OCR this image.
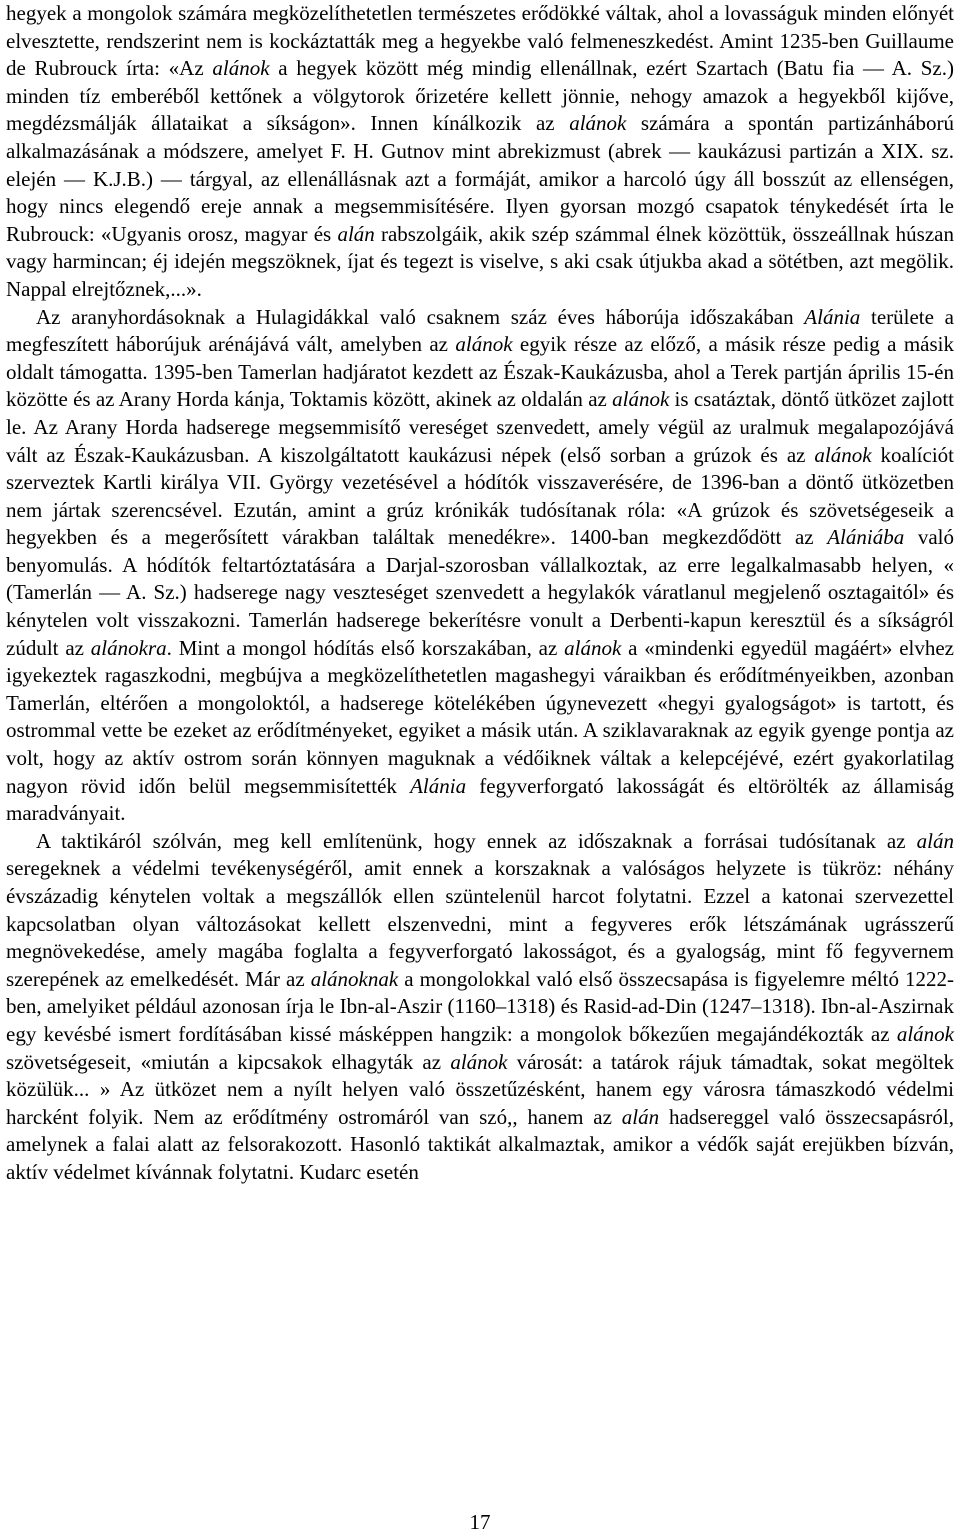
hegyek a mongolok számára megközelíthetetlen természetes erődökké váltak, ahol a lovasságuk minden előnyét elvesztette, rendszerint nem is kockáztatták meg a hegyekbe való felmeneszkedést. Amint 1235-ben Guillaume de Rubrouck írta: «Az alánok a hegyek között még mindig ellenállnak, ezért Szartach (Batu fia ― A. Sz.) minden tíz emberéből kettőnek a völgytorok őrizetére kellett jönnie, nehogy amazok a hegyekből kijőve, megdézsmálják állataikat a síkságon». Innen kínálkozik az alánok számára a spontán partizánháború alkalmazásának a módszere, amelyet F. H. Gutnov mint abrekizmust (abrek ― kaukázusi partizán a XIX. sz. elején ― K.J.B.) ― tárgyal, az ellenállásnak azt a formáját, amikor a harcoló úgy áll bosszút az ellenségen, hogy nincs elegendő ereje annak a megsemmisítésére. Ilyen gyorsan mozgó csapatok ténykedését írta le Rubrouck: «Ugyanis orosz, magyar és alán rabszolgáik, akik szép számmal élnek közöttük, összeállnak húszan vagy harmincan; éj idején megszöknek, íjat és tegezt is viselve, s aki csak útjukba akad a sötétben, azt megölik. Nappal elrejtőznek,...».

Az aranyhordásoknak a Hulagidákkal való csaknem száz éves háborúja időszakában Alánia területe a megfeszített háborújuk arénájává vált, amelyben az alánok egyik része az előző, a másik része pedig a másik oldalt támogatta. 1395-ben Tamerlan hadjáratot kezdett az Észak-Kaukázusba, ahol a Terek partján április 15-én közötte és az Arany Horda kánja, Toktamis között, akinek az oldalán az alánok is csatáztak, döntő ütközet zajlott le. Az Arany Horda hadserege megsemmisítő vereséget szenvedett, amely végül az uralmuk megalapozójává vált az Észak-Kaukázusban. A kiszolgáltatott kaukázusi népek (első sorban a grúzok és az alánok koalíciót szerveztek Kartli királya VII. György vezetésével a hódítók visszaverésére, de 1396-ban a döntő ütközetben nem jártak szerencsével. Ezután, amint a grúz krónikák tudósítanak róla: «A grúzok és szövetségeseik a hegyekben és a megerősített várakban találtak menedékre». 1400-ban megkezdődött az Alániába való benyomulás. A hódítók feltartóztatására a Darjal-szorosban vállalkoztak, az erre legalkalmasabb helyen, « (Tamerlán ― A. Sz.) hadserege nagy veszteséget szenvedett a hegylakók váratlanul megjelenő osztagaitól» és kénytelen volt visszakozni. Tamerlán hadserege bekerítésre vonult a Derbenti-kapun keresztül és a síkságról zúdult az alánokra. Mint a mongol hódítás első korszakában, az alánok a «mindenki egyedül magáért» elvhez igyekeztek ragaszkodni, megbújva a megközelíthetetlen magashegyi váraikban és erődítményeikben, azonban Tamerlán, eltérően a mongoloktól, a hadserege kötelékében úgynevezett «hegyi gyalogságot» is tartott, és ostrommal vette be ezeket az erődítményeket, egyiket a másik után. A sziklavaraknak az egyik gyenge pontja az volt, hogy az aktív ostrom során könnyen maguknak a védőiknek váltak a kelepcéjévé, ezért gyakorlatilag nagyon rövid időn belül megsemmisítették Alánia fegyverforgató lakosságát és eltörölték az államiság maradványait.

A taktikáról szólván, meg kell említenünk, hogy ennek az időszaknak a forrásai tudósítanak az alán seregeknek a védelmi tevékenységéről, amit ennek a korszaknak a valóságos helyzete is tükröz: néhány évszázadig kénytelen voltak a megszállók ellen szüntelenül harcot folytatni. Ezzel a katonai szervezettel kapcsolatban olyan változásokat kellett elszenvedni, mint a fegyveres erők létszámának ugrásszerű megnövekedése, amely magába foglalta a fegyverforgató lakosságot, és a gyalogság, mint fő fegyvernem szerepének az emelkedését. Már az alánoknak a mongolokkal való első összecsapása is figyelemre méltó 1222-ben, amelyiket például azonosan írja le Ibn-al-Aszir (1160–1318) és Rasid-ad-Din (1247–1318). Ibn-al-Aszirnak egy kevésbé ismert fordításában kissé másképpen hangzik: a mongolok bőkezűen megajándékozták az alánok szövetségeseit, «miután a kipcsakok elhagyták az alánok városát: a tatárok rájuk támadtak, sokat megöltek közülük... » Az ütközet nem a nyílt helyen való összetűzésként, hanem egy városra támaszkodó védelmi harcként folyik. Nem az erődítmény ostromáról van szó,, hanem az alán hadsereggel való összecsapásról, amelynek a falai alatt az felsorakozott. Hasonló taktikát alkalmaztak, amikor a védők saját erejükben bízván, aktív védelmet kívánnak folytatni. Kudarc esetén

17
